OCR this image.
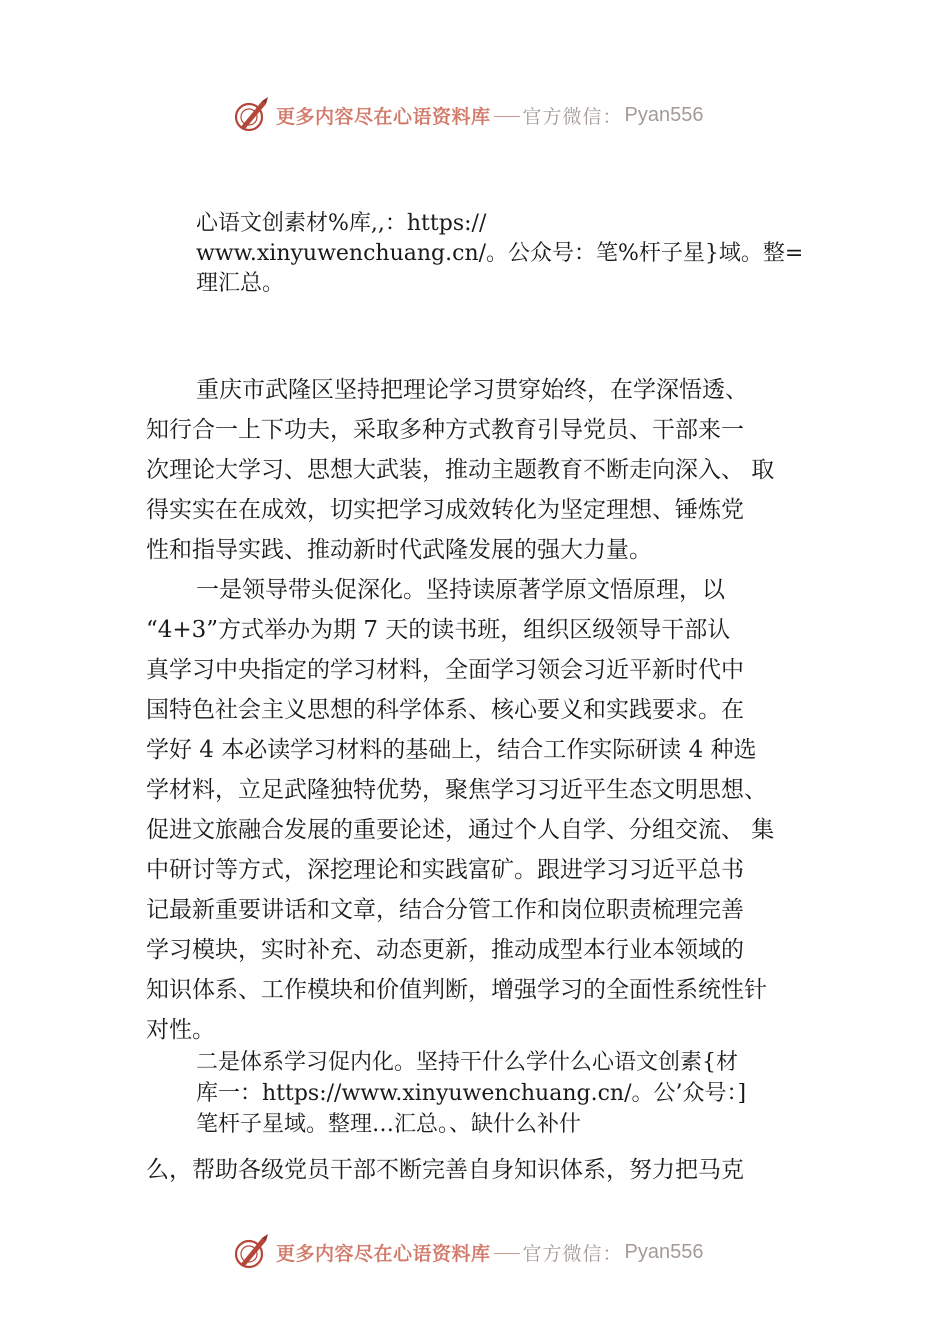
更多内容尽在心语资料库 官方微信： Pyan556
心语文创素材%库,,：https://
www.xinyuwenchuang.cn/。公众号：笔%杆子星}域。整=
理汇总。
重庆市武隆区坚持把理论学习贯穿始终，在学深悟透、
知行合一上下功夫，采取多种方式教育引导党员、干部来一
次理论大学习、思想大武装，推动主题教育不断走向深入、 取
得实实在在成效，切实把学习成效转化为坚定理想、锤炼党
性和指导实践、推动新时代武隆发展的强大力量。
一是领导带头促深化。坚持读原著学原文悟原理，以
“4+3”方式举办为期 7 天的读书班，组织区级领导干部认
真学习中央指定的学习材料，全面学习领会习近平新时代中
国特色社会主义思想的科学体系、核心要义和实践要求。在
学好 4 本必读学习材料的基础上，结合工作实际研读 4 种选
学材料，立足武隆独特优势，聚焦学习习近平生态文明思想、
促进文旅融合发展的重要论述，通过个人自学、分组交流、 集
中研讨等方式，深挖理论和实践富矿。跟进学习习近平总书
记最新重要讲话和文章，结合分管工作和岗位职责梳理完善
学习模块，实时补充、动态更新，推动成型本行业本领域的
知识体系、工作模块和价值判断，增强学习的全面性系统性针
对性。
二是体系学习促内化。坚持干什么学什么心语文创素{材
库一：https://www.xinyuwenchuang.cn/。公’众号：]
笔杆子星域。整理…汇总。、缺什么补什
么，帮助各级党员干部不断完善自身知识体系，努力把马克
更多内容尽在心语资料库 官方微信： Pyan556
